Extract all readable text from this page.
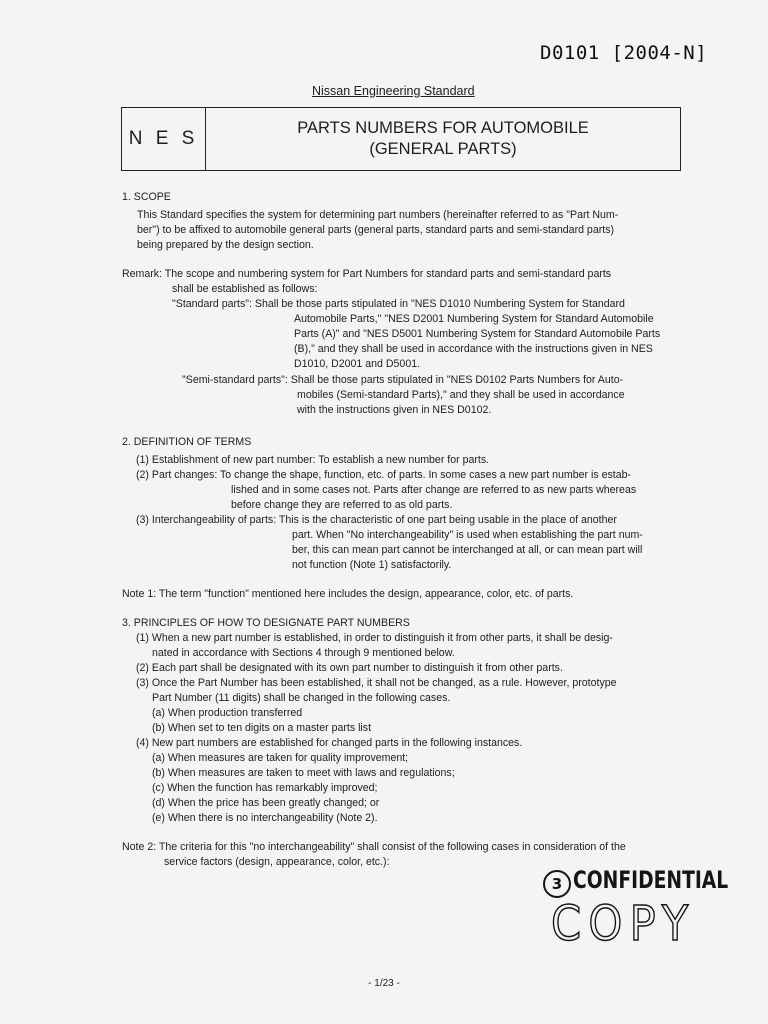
D0101 [2004-N]
Nissan Engineering Standard
N E S	PARTS NUMBERS FOR AUTOMOBILE
(GENERAL PARTS)
1. SCOPE
This Standard specifies the system for determining part numbers (hereinafter referred to as "Part Num-
ber") to be affixed to automobile general parts (general parts, standard parts and semi-standard parts)
being prepared by the design section.
Remark: The scope and numbering system for Part Numbers for standard parts and semi-standard parts
shall be established as follows:
"Standard parts": Shall be those parts stipulated in "NES D1010 Numbering System for Standard
Automobile Parts," "NES D2001 Numbering System for Standard Automobile
Parts (A)" and "NES D5001 Numbering System for Standard Automobile Parts
(B)," and they shall be used in accordance with the instructions given in NES
D1010, D2001 and D5001.
"Semi-standard parts": Shall be those parts stipulated in "NES D0102 Parts Numbers for Auto-
mobiles (Semi-standard Parts)," and they shall be used in accordance
with the instructions given in NES D0102.
2. DEFINITION OF TERMS
(1) Establishment of new part number: To establish a new number for parts.
(2) Part changes: To change the shape, function, etc. of parts. In some cases a new part number is estab-
lished and in some cases not. Parts after change are referred to as new parts whereas
before change they are referred to as old parts.
(3) Interchangeability of parts: This is the characteristic of one part being usable in the place of another
part. When "No interchangeability" is used when establishing the part num-
ber, this can mean part cannot be interchanged at all, or can mean part will
not function (Note 1) satisfactorily.
Note 1: The term "function" mentioned here includes the design, appearance, color, etc. of parts.
3. PRINCIPLES OF HOW TO DESIGNATE PART NUMBERS
(1) When a new part number is established, in order to distinguish it from other parts, it shall be desig-
nated in accordance with Sections 4 through 9 mentioned below.
(2) Each part shall be designated with its own part number to distinguish it from other parts.
(3) Once the Part Number has been established, it shall not be changed, as a rule. However, prototype
Part Number (11 digits) shall be changed in the following cases.
(a) When production transferred
(b) When set to ten digits on a master parts list
(4) New part numbers are established for changed parts in the following instances.
(a) When measures are taken for quality improvement;
(b) When measures are taken to meet with laws and regulations;
(c) When the function has remarkably improved;
(d) When the price has been greatly changed; or
(e) When there is no interchangeability (Note 2).
Note 2: The criteria for this "no interchangeability" shall consist of the following cases in consideration of the
service factors (design, appearance, color, etc.):
3 CONFIDENTIAL
COPY
- 1/23 -
